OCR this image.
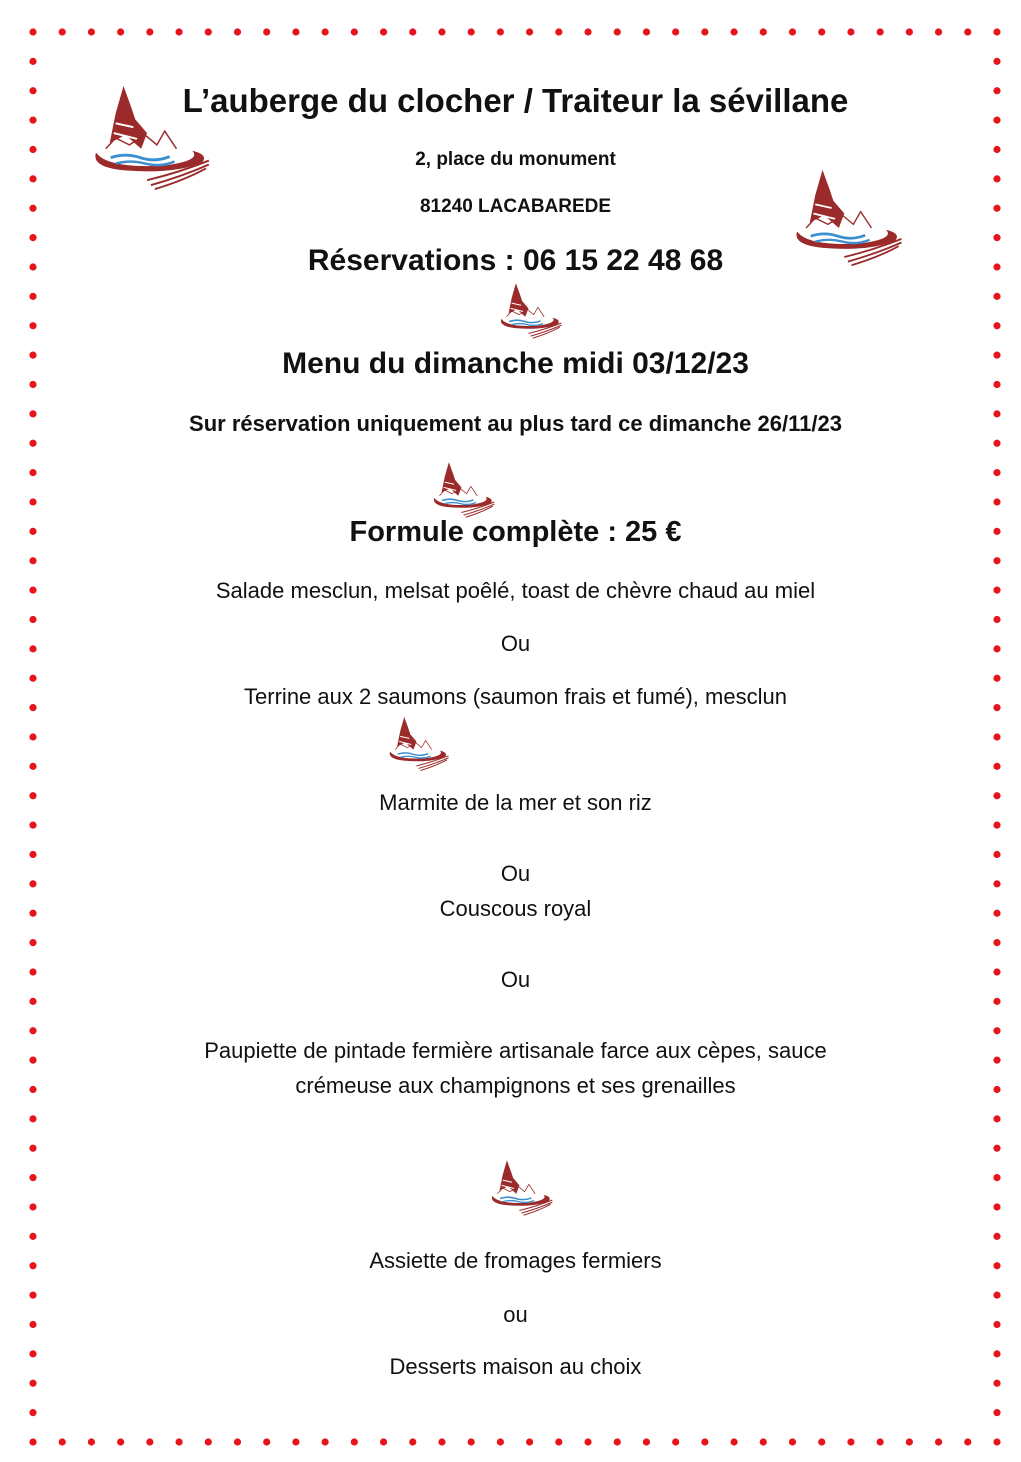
L’auberge du clocher / Traiteur la sévillane
2, place du monument
81240 LACABAREDE
Réservations : 06 15 22 48 68
Menu du dimanche midi 03/12/23
Sur réservation uniquement au plus tard ce dimanche 26/11/23
Formule complète : 25 €
Salade mesclun, melsat poêlé, toast de chèvre chaud au miel
Ou
Terrine aux 2 saumons (saumon frais et fumé), mesclun
Marmite de la mer et son riz
Ou
Couscous royal
Ou
Paupiette de pintade fermière artisanale farce aux cèpes, sauce
crémeuse aux champignons et ses grenailles
Assiette de fromages fermiers
ou
Desserts maison au choix
